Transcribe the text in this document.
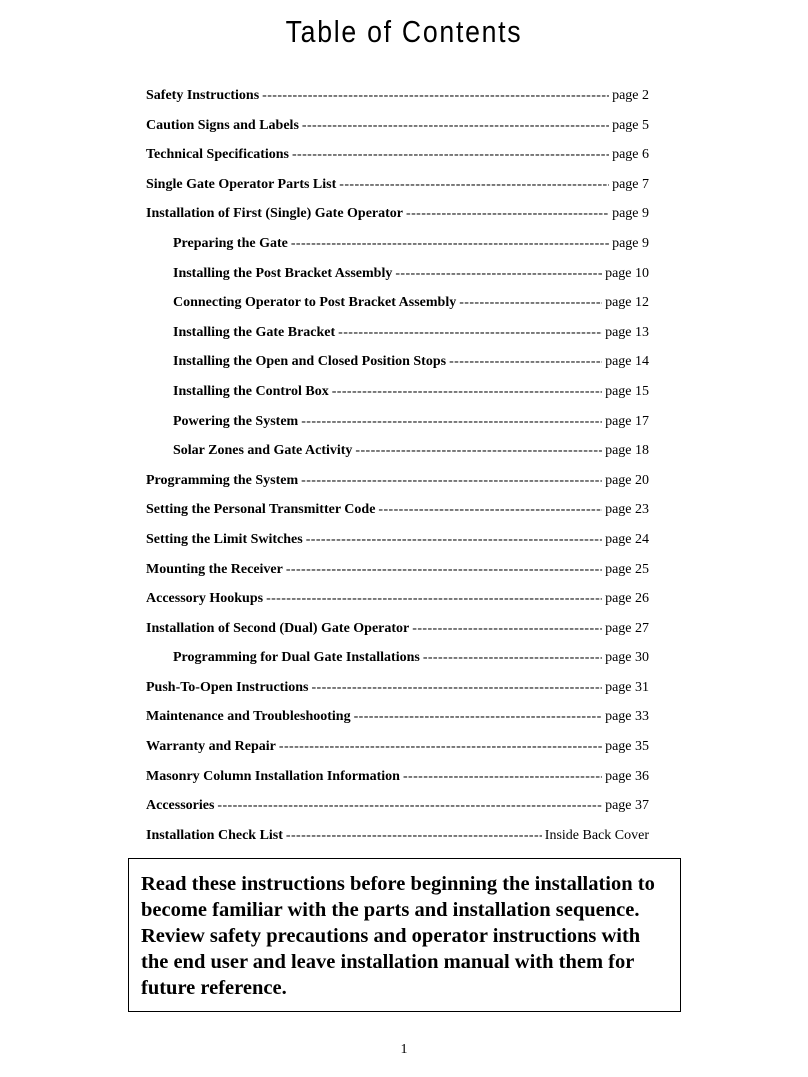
Table of Contents
Safety Instructions -----	page 2
Caution Signs and Labels -----	page 5
Technical Specifications -----	page 6
Single Gate Operator Parts List -----	page 7
Installation of First (Single) Gate Operator -----	page 9
Preparing the Gate -----	page 9
Installing the Post Bracket Assembly -----	page 10
Connecting Operator to Post Bracket Assembly -----	page 12
Installing the Gate Bracket -----	page 13
Installing the Open and Closed Position Stops -----	page 14
Installing the Control Box -----	page 15
Powering the System -----	page 17
Solar Zones and Gate Activity -----	page 18
Programming the System -----	page 20
Setting the Personal Transmitter Code -----	page 23
Setting the Limit Switches -----	page 24
Mounting the Receiver -----	page 25
Accessory Hookups -----	page 26
Installation of Second (Dual) Gate Operator -----	page 27
Programming for Dual Gate Installations -----	page 30
Push-To-Open Instructions -----	page 31
Maintenance and Troubleshooting -----	page 33
Warranty and Repair -----	page 35
Masonry Column Installation Information -----	page 36
Accessories -----	page 37
Installation Check List -----	Inside Back Cover

Read these instructions before beginning the installation to become familiar with the parts and installation sequence. Review safety precautions and operator instructions with the end user and leave installation manual with them for future reference.

1
